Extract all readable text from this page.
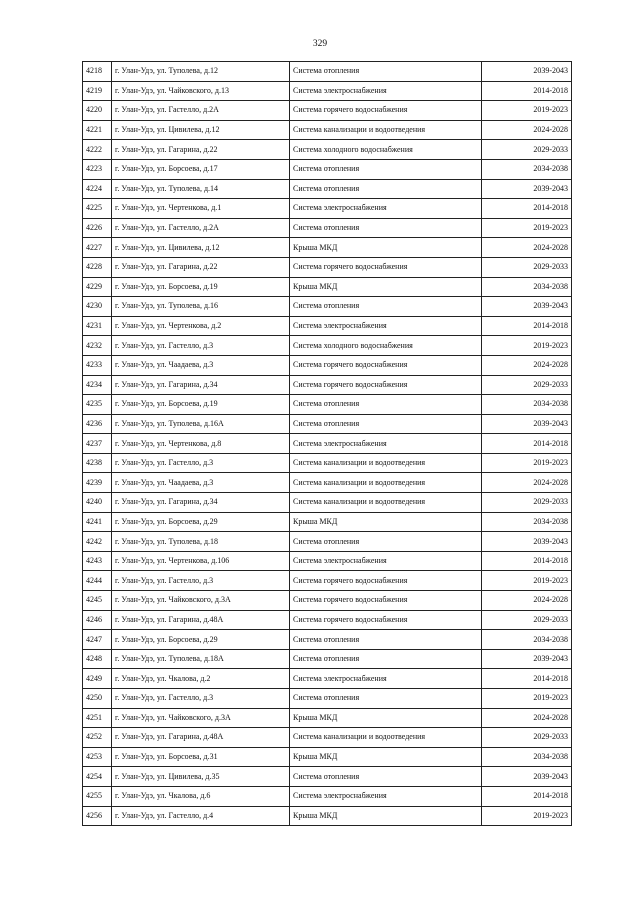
329
4218	г. Улан-Удэ, ул. Туполева, д.12	Система отопления	2039-2043
4219	г. Улан-Удэ, ул. Чайковского, д.13	Система электроснабжения	2014-2018
4220	г. Улан-Удэ, ул. Гастелло, д.2А	Система горячего водоснабжения	2019-2023
4221	г. Улан-Удэ, ул. Цивилева, д.12	Система канализации и водоотведения	2024-2028
4222	г. Улан-Удэ, ул. Гагарина, д.22	Система холодного водоснабжения	2029-2033
4223	г. Улан-Удэ, ул. Борсоева, д.17	Система отопления	2034-2038
4224	г. Улан-Удэ, ул. Туполева, д.14	Система отопления	2039-2043
4225	г. Улан-Удэ, ул. Чертенкова, д.1	Система электроснабжения	2014-2018
4226	г. Улан-Удэ, ул. Гастелло, д.2А	Система отопления	2019-2023
4227	г. Улан-Удэ, ул. Цивилева, д.12	Крыша МКД	2024-2028
4228	г. Улан-Удэ, ул. Гагарина, д.22	Система горячего водоснабжения	2029-2033
4229	г. Улан-Удэ, ул. Борсоева, д.19	Крыша МКД	2034-2038
4230	г. Улан-Удэ, ул. Туполева, д.16	Система отопления	2039-2043
4231	г. Улан-Удэ, ул. Чертенкова, д.2	Система электроснабжения	2014-2018
4232	г. Улан-Удэ, ул. Гастелло, д.3	Система холодного водоснабжения	2019-2023
4233	г. Улан-Удэ, ул. Чаадаева, д.3	Система горячего водоснабжения	2024-2028
4234	г. Улан-Удэ, ул. Гагарина, д.34	Система горячего водоснабжения	2029-2033
4235	г. Улан-Удэ, ул. Борсоева, д.19	Система отопления	2034-2038
4236	г. Улан-Удэ, ул. Туполева, д.16А	Система отопления	2039-2043
4237	г. Улан-Удэ, ул. Чертенкова, д.8	Система электроснабжения	2014-2018
4238	г. Улан-Удэ, ул. Гастелло, д.3	Система канализации и водоотведения	2019-2023
4239	г. Улан-Удэ, ул. Чаадаева, д.3	Система канализации и водоотведения	2024-2028
4240	г. Улан-Удэ, ул. Гагарина, д.34	Система канализации и водоотведения	2029-2033
4241	г. Улан-Удэ, ул. Борсоева, д.29	Крыша МКД	2034-2038
4242	г. Улан-Удэ, ул. Туполева, д.18	Система отопления	2039-2043
4243	г. Улан-Удэ, ул. Чертенкова, д.106	Система электроснабжения	2014-2018
4244	г. Улан-Удэ, ул. Гастелло, д.3	Система горячего водоснабжения	2019-2023
4245	г. Улан-Удэ, ул. Чайковского, д.3А	Система горячего водоснабжения	2024-2028
4246	г. Улан-Удэ, ул. Гагарина, д.48А	Система горячего водоснабжения	2029-2033
4247	г. Улан-Удэ, ул. Борсоева, д.29	Система отопления	2034-2038
4248	г. Улан-Удэ, ул. Туполева, д.18А	Система отопления	2039-2043
4249	г. Улан-Удэ, ул. Чкалова, д.2	Система электроснабжения	2014-2018
4250	г. Улан-Удэ, ул. Гастелло, д.3	Система отопления	2019-2023
4251	г. Улан-Удэ, ул. Чайковского, д.3А	Крыша МКД	2024-2028
4252	г. Улан-Удэ, ул. Гагарина, д.48А	Система канализации и водоотведения	2029-2033
4253	г. Улан-Удэ, ул. Борсоева, д.31	Крыша МКД	2034-2038
4254	г. Улан-Удэ, ул. Цивилева, д.35	Система отопления	2039-2043
4255	г. Улан-Удэ, ул. Чкалова, д.6	Система электроснабжения	2014-2018
4256	г. Улан-Удэ, ул. Гастелло, д.4	Крыша МКД	2019-2023
